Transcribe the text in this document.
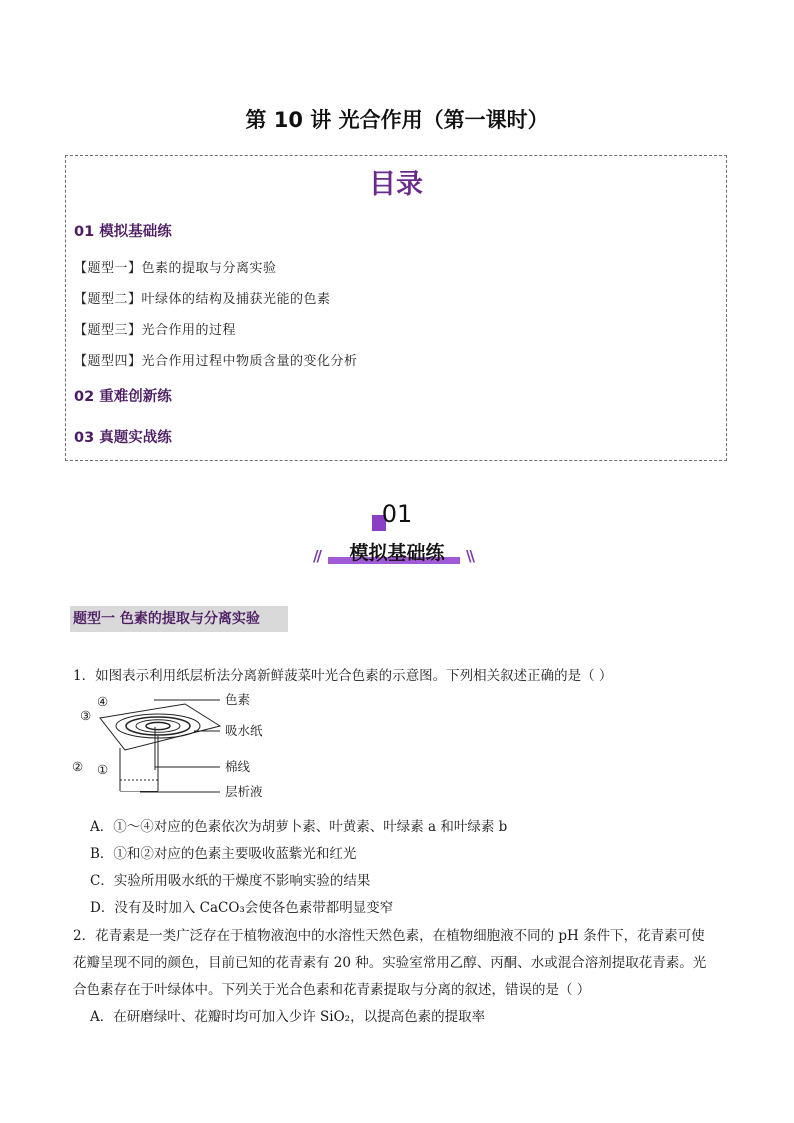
第 10 讲 光合作用（第一课时）
目录
01 模拟基础练
【题型一】色素的提取与分离实验
【题型二】叶绿体的结构及捕获光能的色素
【题型三】光合作用的过程
【题型四】光合作用过程中物质含量的变化分析
02 重难创新练
03 真题实战练
01
//	\\
模拟基础练
题型一 色素的提取与分离实验
1．如图表示利用纸层析法分离新鲜菠菜叶光合色素的示意图。下列相关叙述正确的是（ ）
色素
吸水纸
棉线
层析液
④
③
② ①
A．①～④对应的色素依次为胡萝卜素、叶黄素、叶绿素 a 和叶绿素 b
B．①和②对应的色素主要吸收蓝紫光和红光
C．实验所用吸水纸的干燥度不影响实验的结果
D．没有及时加入 CaCO₃会使各色素带都明显变窄
2．花青素是一类广泛存在于植物液泡中的水溶性天然色素，在植物细胞液不同的 pH 条件下，花青素可使
花瓣呈现不同的颜色，目前已知的花青素有 20 种。实验室常用乙醇、丙酮、水或混合溶剂提取花青素。光
合色素存在于叶绿体中。下列关于光合色素和花青素提取与分离的叙述，错误的是（ ）
A．在研磨绿叶、花瓣时均可加入少许 SiO₂，以提高色素的提取率
